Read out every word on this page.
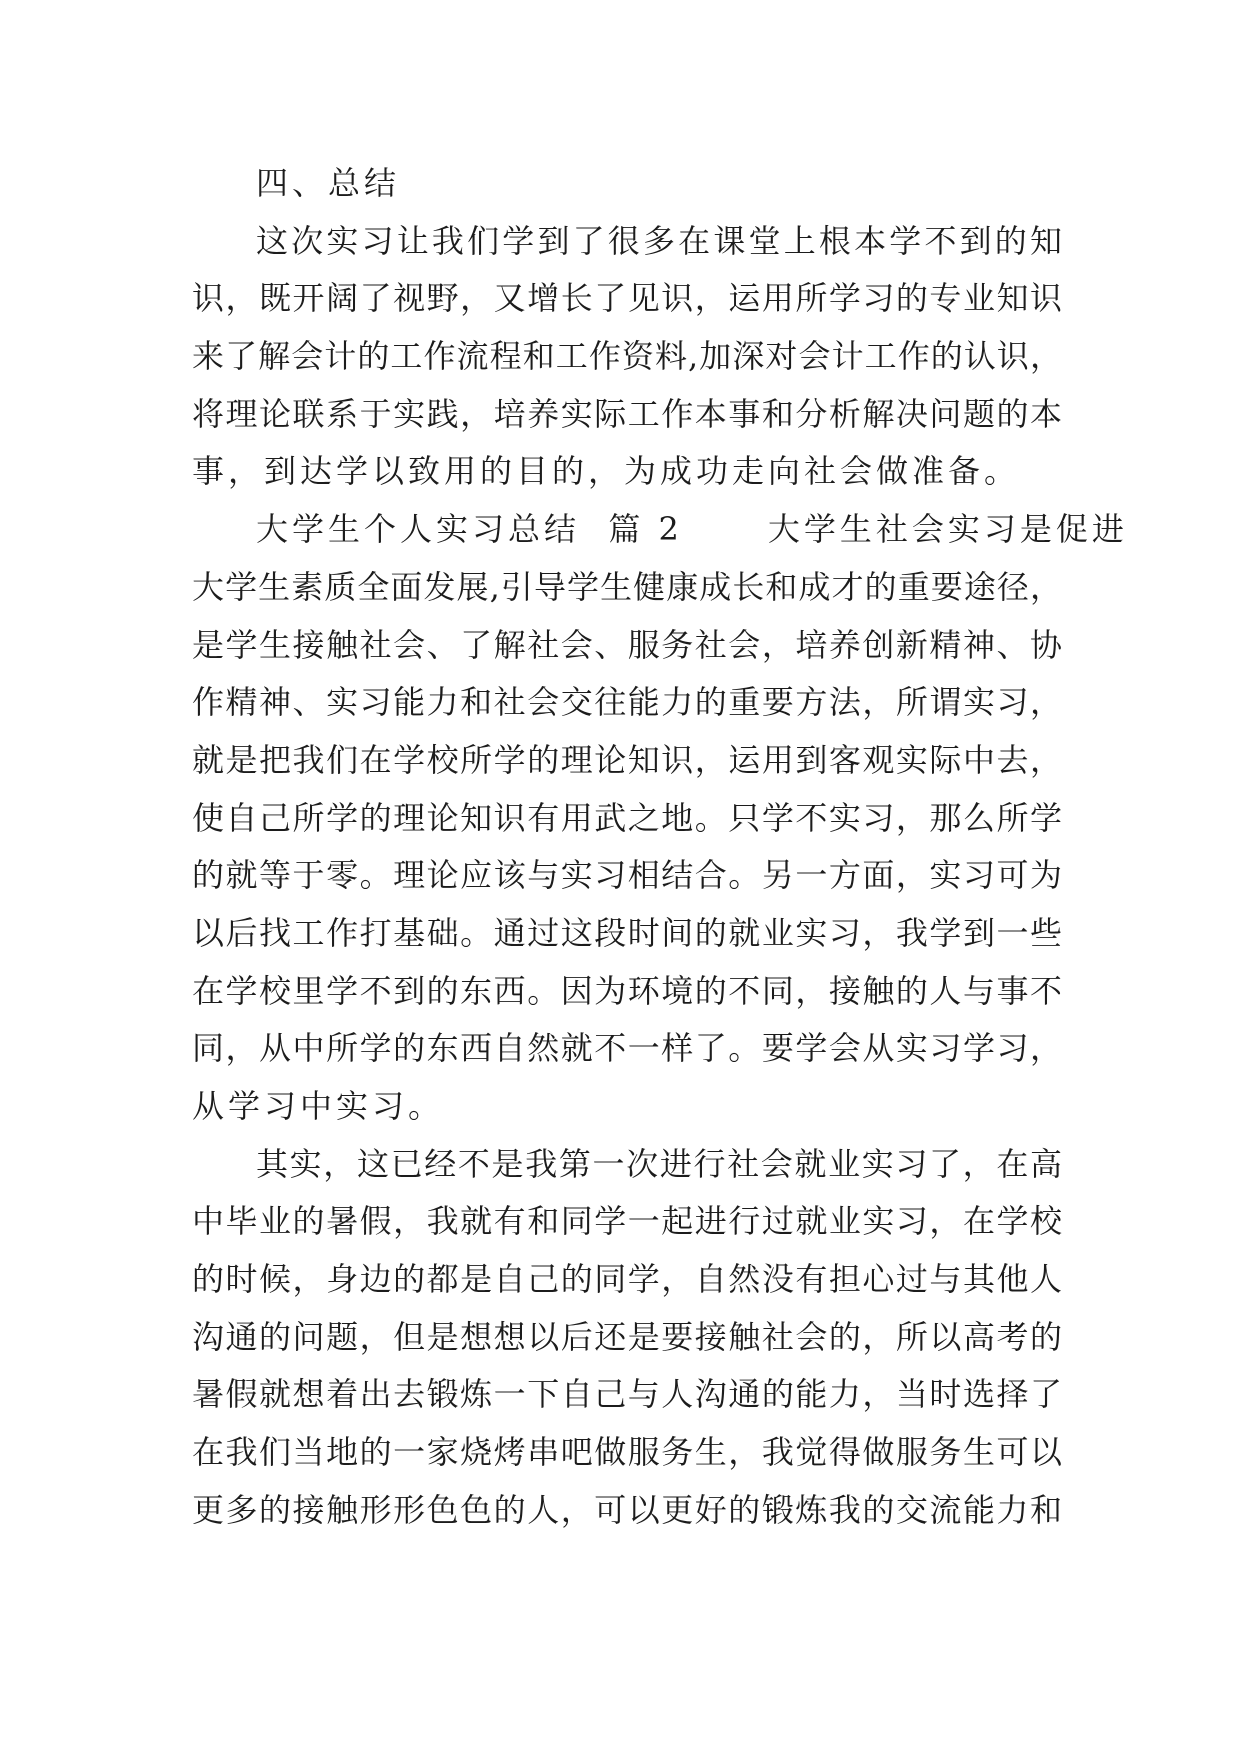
四、总结
这次实习让我们学到了很多在课堂上根本学不到的知
识，既开阔了视野，又增长了见识，运用所学习的专业知识
来了解会计的工作流程和工作资料,加深对会计工作的认识，
将理论联系于实践，培养实际工作本事和分析解决问题的本
事，到达学以致用的目的，为成功走向社会做准备。
大学生个人实习总结  篇 2      大学生社会实习是促进
大学生素质全面发展,引导学生健康成长和成才的重要途径，
是学生接触社会、了解社会、服务社会，培养创新精神、协
作精神、实习能力和社会交往能力的重要方法，所谓实习，
就是把我们在学校所学的理论知识，运用到客观实际中去，
使自己所学的理论知识有用武之地。只学不实习，那么所学
的就等于零。理论应该与实习相结合。另一方面，实习可为
以后找工作打基础。通过这段时间的就业实习，我学到一些
在学校里学不到的东西。因为环境的不同，接触的人与事不
同，从中所学的东西自然就不一样了。要学会从实习学习，
从学习中实习。
其实，这已经不是我第一次进行社会就业实习了，在高
中毕业的暑假，我就有和同学一起进行过就业实习，在学校
的时候，身边的都是自己的同学，自然没有担心过与其他人
沟通的问题，但是想想以后还是要接触社会的，所以高考的
暑假就想着出去锻炼一下自己与人沟通的能力，当时选择了
在我们当地的一家烧烤串吧做服务生，我觉得做服务生可以
更多的接触形形色色的人，可以更好的锻炼我的交流能力和
